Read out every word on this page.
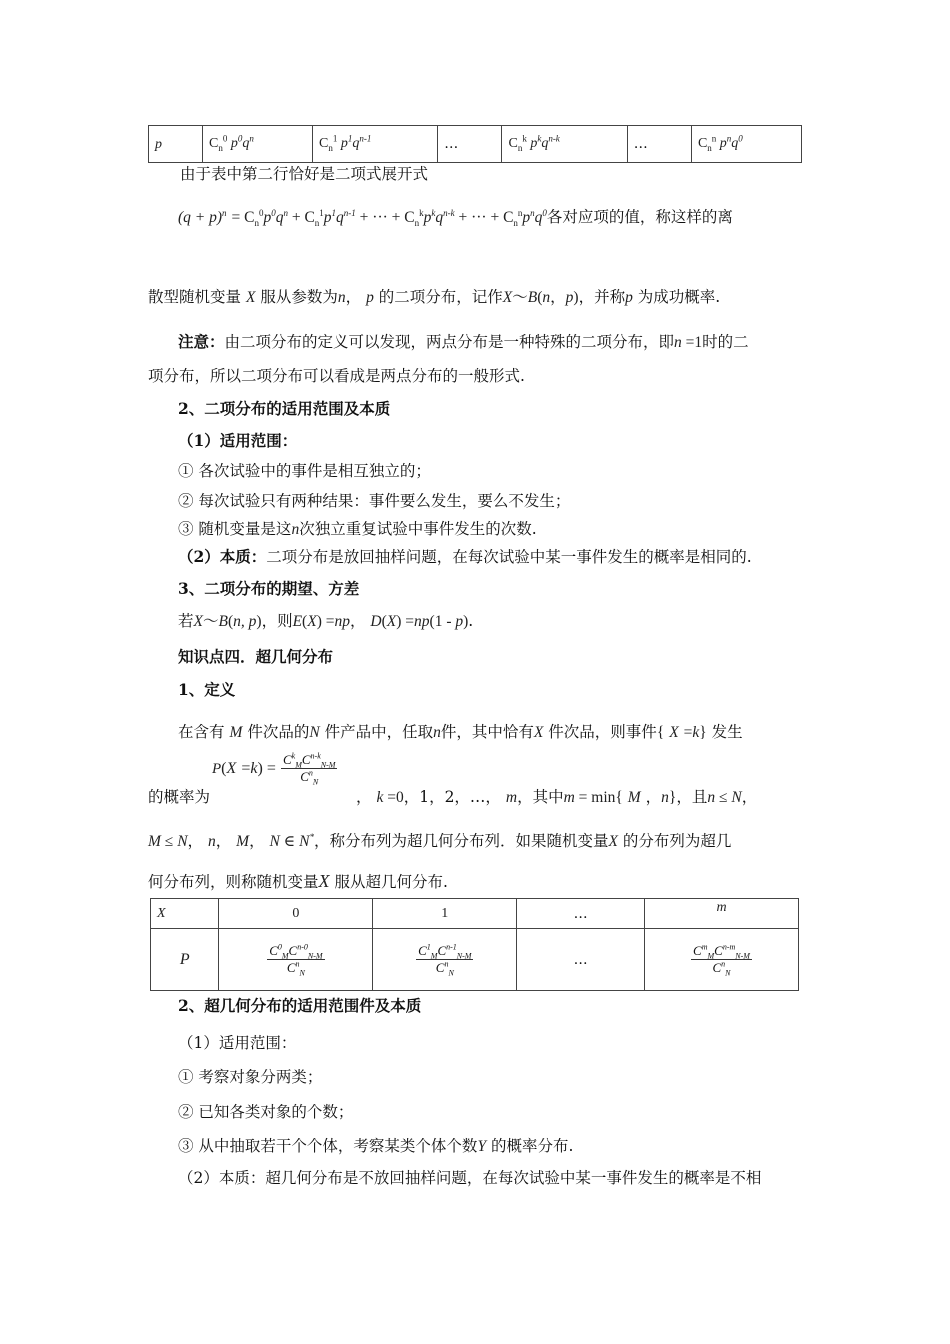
p	$C_n^0$ $p^0q^n$	$C_n^1$ $p^1q^{n-1}$	…	$C_n^k$ $p^kq^{n-k}$	…	$C_n^n$ $p^nq^0$
由于表中第二行恰好是二项式展开式
$(q + p)^n = C_n^0p^0q^n + C_n^1p^1q^{n-1}$ + ··· + $C_n^kp^kq^{n-k}$ + ··· + $C_n^np^nq^0$各对应项的值，称这样的离
散型随机变量 X 服从参数为n， p 的二项分布，记作X～B(n，p)，并称p 为成功概率.
注意：由二项分布的定义可以发现，两点分布是一种特殊的二项分布，即n =1时的二
项分布，所以二项分布可以看成是两点分布的一般形式.
2、二项分布的适用范围及本质
（1）适用范围：
① 各次试验中的事件是相互独立的；
② 每次试验只有两种结果：事件要么发生，要么不发生；
③ 随机变量是这n次独立重复试验中事件发生的次数.
（2）本质：二项分布是放回抽样问题，在每次试验中某一事件发生的概率是相同的.
3、二项分布的期望、方差
若X～B(n, p)，则E(X) =np， D(X) =np(1 - p).
知识点四．超几何分布
1、定义
在含有 M 件次品的N 件产品中，任取n件，其中恰有X 件次品，则事件{ X =k} 发生
的概率为
$P(X =k) = \frac{C^k_MC^{n-k}_{N-M}}{C^n_N}$
， k =0，1，2，…， m，其中m = min{ M ，n}，且n ≤ N，
M ≤ N， n， M， N ∈ N*，称分布列为超几何分布列．如果随机变量X 的分布列为超几
何分布列，则称随机变量X 服从超几何分布.
X	0	1	…	m
P	$\frac{C^0_MC^{n-0}_{N-M}}{C^n_N}$	$\frac{C^1_MC^{n-1}_{N-M}}{C^n_N}$	…	$\frac{C^m_MC^{n-m}_{N-M}}{C^n_N}$
2、超几何分布的适用范围件及本质
（1）适用范围：
① 考察对象分两类；
② 已知各类对象的个数；
③ 从中抽取若干个个体，考察某类个体个数Y 的概率分布.
（2）本质：超几何分布是不放回抽样问题，在每次试验中某一事件发生的概率是不相
